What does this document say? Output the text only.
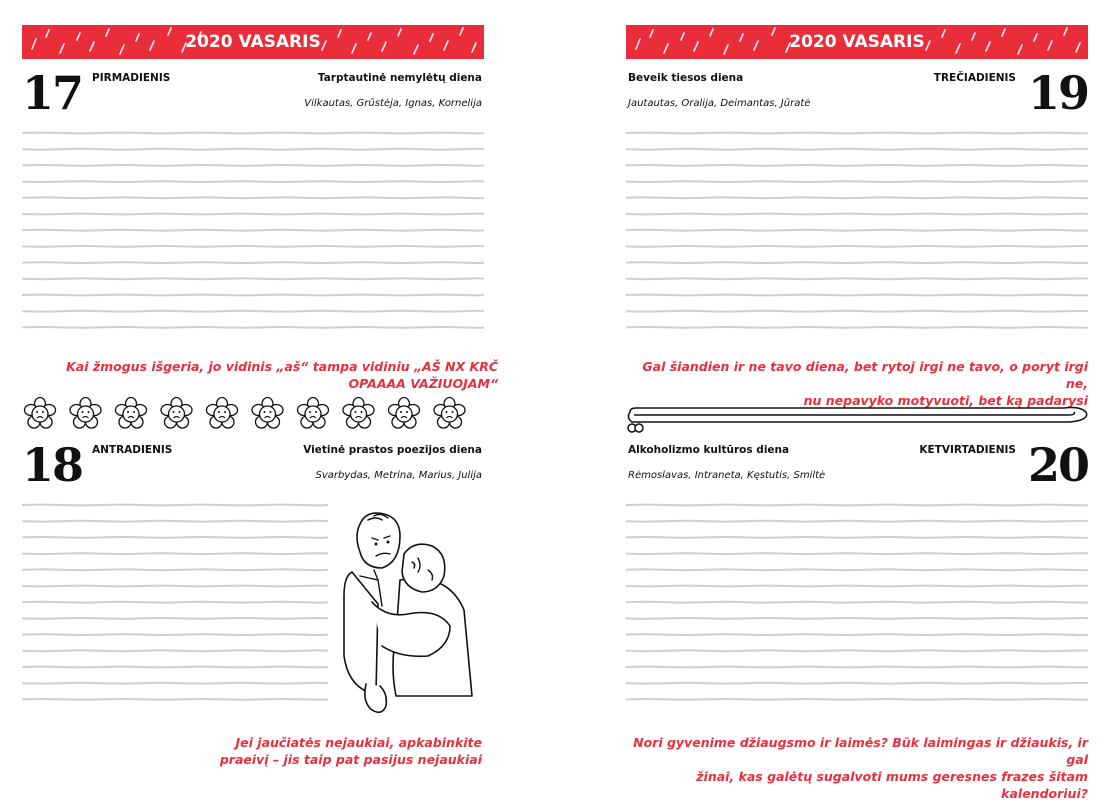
2020 VASARIS
17 PIRMADIENIS	Tarptautinė nemylėtų diena
Vilkautas, Grūstėja, Ignas, Kornelija
Kai žmogus išgeria, jo vidinis „aš“ tampa vidiniu „AŠ NX KRČ
OPAAAA VAŽIUOJAM“
18 ANTRADIENIS	Vietinė prastos poezijos diena
Svarbydas, Metrina, Marius, Julija
Jei jaučiatės nejaukiai, apkabinkite
praeivį – jis taip pat pasijus nejaukiai
2020 VASARIS
Beveik tiesos diena	TREČIADIENIS 19
Jautautas, Oralija, Deimantas, Jūratė
Gal šiandien ir ne tavo diena, bet rytoj irgi ne tavo, o poryt irgi ne,
nu nepavyko motyvuoti, bet ką padarysi
Alkoholizmo kultūros diena	KETVIRTADIENIS 20
Rėmoslavas, Intraneta, Kęstutis, Smiltė
Nori gyvenime džiaugsmo ir laimės? Būk laimingas ir džiaukis, ir gal
žinai, kas galėtų sugalvoti mums geresnes frazes šitam kalendoriui?
